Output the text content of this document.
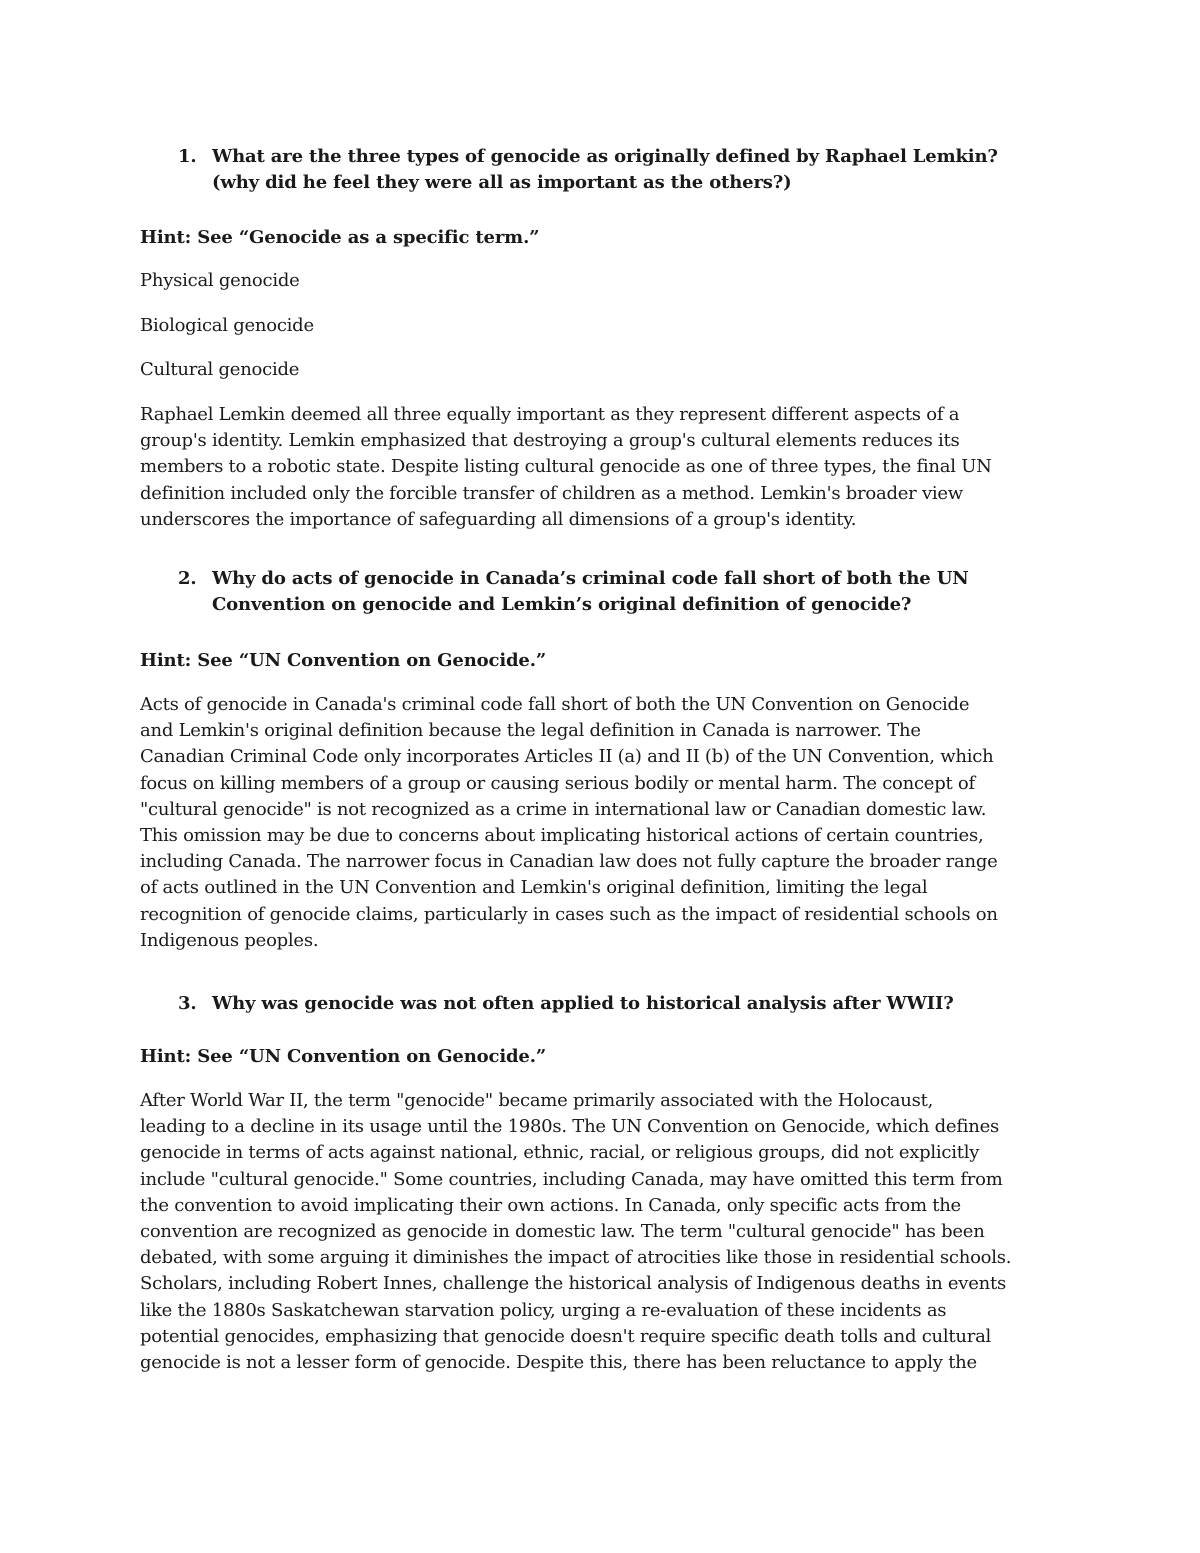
1. What are the three types of genocide as originally defined by Raphael Lemkin?
(why did he feel they were all as important as the others?)
Hint: See “Genocide as a specific term.”
Physical genocide
Biological genocide
Cultural genocide
Raphael Lemkin deemed all three equally important as they represent different aspects of a
group's identity. Lemkin emphasized that destroying a group's cultural elements reduces its
members to a robotic state. Despite listing cultural genocide as one of three types, the final UN
definition included only the forcible transfer of children as a method. Lemkin's broader view
underscores the importance of safeguarding all dimensions of a group's identity.
2. Why do acts of genocide in Canada’s criminal code fall short of both the UN
Convention on genocide and Lemkin’s original definition of genocide?
Hint: See “UN Convention on Genocide.”
Acts of genocide in Canada's criminal code fall short of both the UN Convention on Genocide
and Lemkin's original definition because the legal definition in Canada is narrower. The
Canadian Criminal Code only incorporates Articles II (a) and II (b) of the UN Convention, which
focus on killing members of a group or causing serious bodily or mental harm. The concept of
"cultural genocide" is not recognized as a crime in international law or Canadian domestic law.
This omission may be due to concerns about implicating historical actions of certain countries,
including Canada. The narrower focus in Canadian law does not fully capture the broader range
of acts outlined in the UN Convention and Lemkin's original definition, limiting the legal
recognition of genocide claims, particularly in cases such as the impact of residential schools on
Indigenous peoples.
3. Why was genocide was not often applied to historical analysis after WWII?
Hint: See “UN Convention on Genocide.”
After World War II, the term "genocide" became primarily associated with the Holocaust,
leading to a decline in its usage until the 1980s. The UN Convention on Genocide, which defines
genocide in terms of acts against national, ethnic, racial, or religious groups, did not explicitly
include "cultural genocide." Some countries, including Canada, may have omitted this term from
the convention to avoid implicating their own actions. In Canada, only specific acts from the
convention are recognized as genocide in domestic law. The term "cultural genocide" has been
debated, with some arguing it diminishes the impact of atrocities like those in residential schools.
Scholars, including Robert Innes, challenge the historical analysis of Indigenous deaths in events
like the 1880s Saskatchewan starvation policy, urging a re-evaluation of these incidents as
potential genocides, emphasizing that genocide doesn't require specific death tolls and cultural
genocide is not a lesser form of genocide. Despite this, there has been reluctance to apply the
